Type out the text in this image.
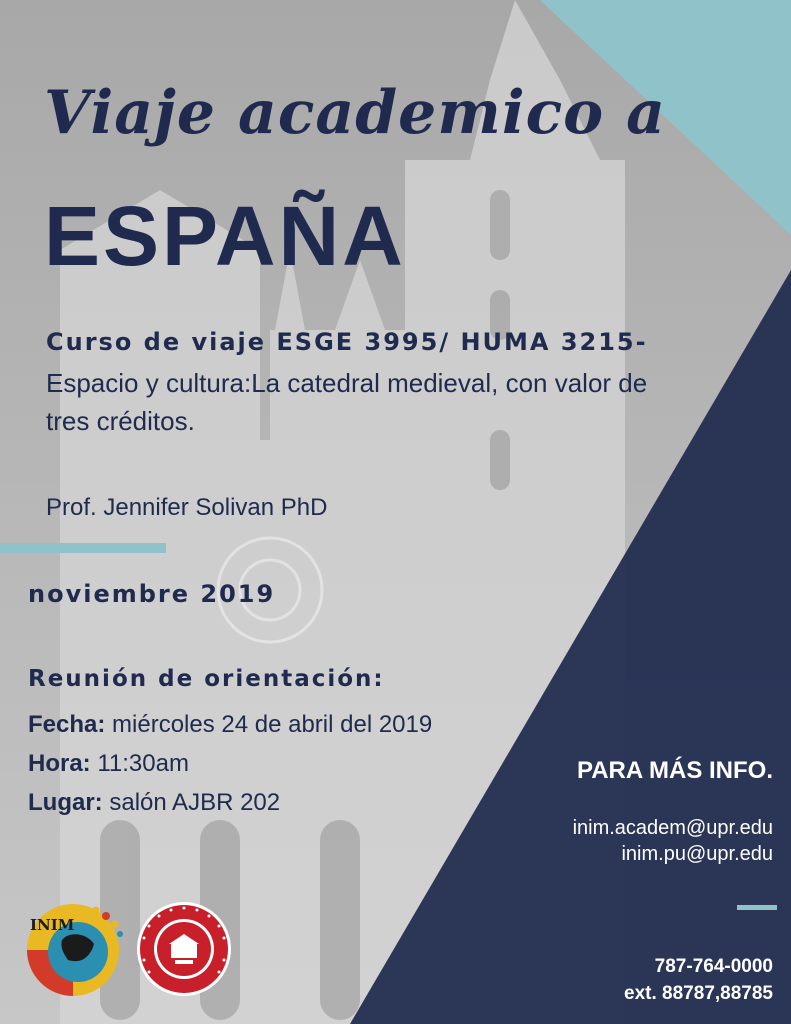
Viaje academico a

ESPAÑA

Curso de viaje ESGE 3995/ HUMA 3215-

Espacio y cultura:La catedral medieval, con valor de tres créditos.

Prof. Jennifer Solivan PhD

noviembre 2019

Reunión de orientación:

Fecha: miércoles 24 de abril del 2019

Hora: 11:30am

Lugar: salón AJBR 202

PARA MÁS INFO.

inim.academ@upr.edu

inim.pu@upr.edu

787-764-0000

ext. 88787,88785

INIM
